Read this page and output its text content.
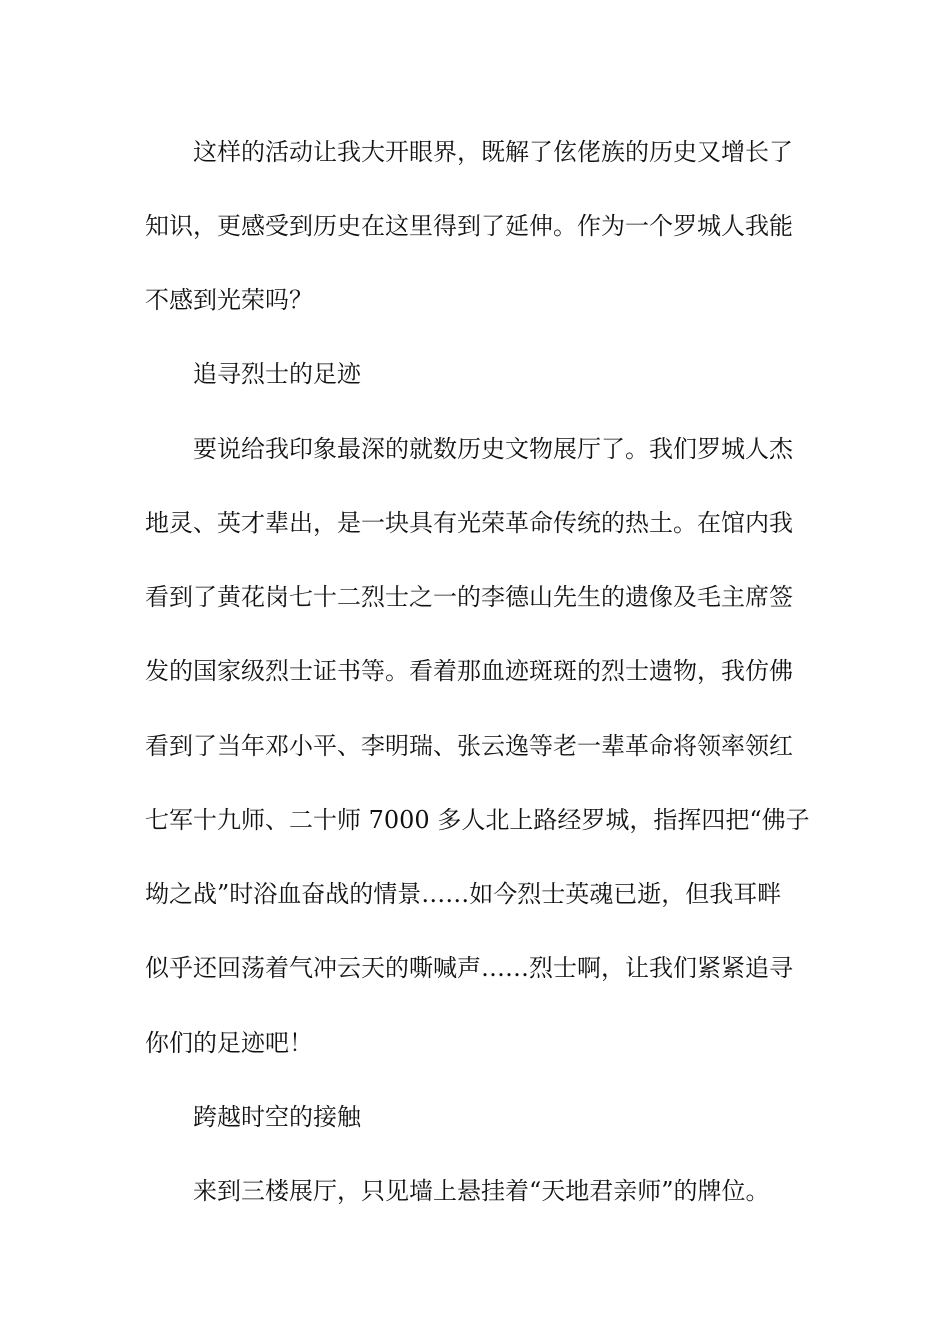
这样的活动让我大开眼界，既解了伭佬族的历史又增长了
知识，更感受到历史在这里得到了延伸。作为一个罗城人我能
不感到光荣吗？
追寻烈士的足迹
要说给我印象最深的就数历史文物展厅了。我们罗城人杰
地灵、英才辈出，是一块具有光荣革命传统的热土。在馆内我
看到了黄花岗七十二烈士之一的李德山先生的遗像及毛主席签
发的国家级烈士证书等。看着那血迹斑斑的烈士遗物，我仿佛
看到了当年邓小平、李明瑞、张云逸等老一辈革命将领率领红
七军十九师、二十师 7000 多人北上路经罗城，指挥四把“佛子
坳之战”时浴血奋战的情景……如今烈士英魂已逝，但我耳畔
似乎还回荡着气冲云天的嘶喊声……烈士啊，让我们紧紧追寻
你们的足迹吧！
跨越时空的接触
来到三楼展厅，只见墙上悬挂着“天地君亲师”的牌位。
